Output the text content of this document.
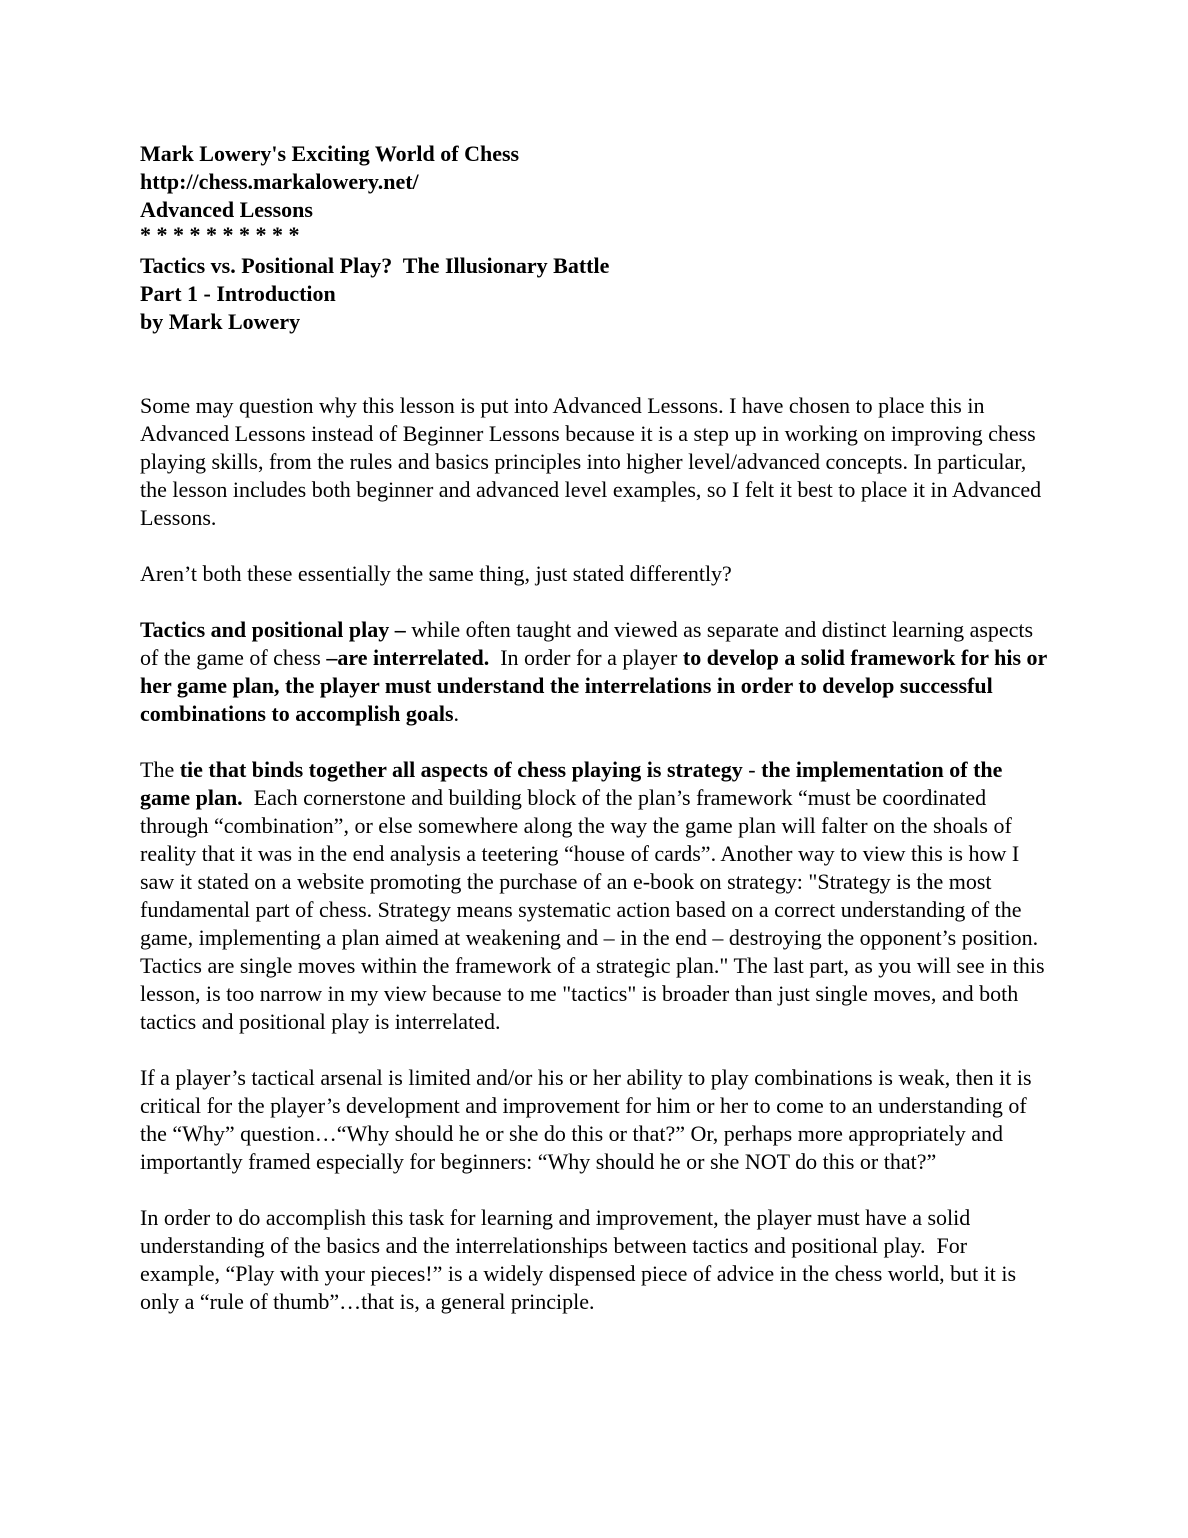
Mark Lowery's Exciting World of Chess
http://chess.markalowery.net/
Advanced Lessons
* * * * * * * * * *
Tactics vs. Positional Play?  The Illusionary Battle
Part 1 - Introduction
by Mark Lowery

Some may question why this lesson is put into Advanced Lessons. I have chosen to place this in Advanced Lessons instead of Beginner Lessons because it is a step up in working on improving chess playing skills, from the rules and basics principles into higher level/advanced concepts. In particular, the lesson includes both beginner and advanced level examples, so I felt it best to place it in Advanced Lessons.

Aren’t both these essentially the same thing, just stated differently?

Tactics and positional play – while often taught and viewed as separate and distinct learning aspects of the game of chess –are interrelated.  In order for a player to develop a solid framework for his or her game plan, the player must understand the interrelations in order to develop successful combinations to accomplish goals.

The tie that binds together all aspects of chess playing is strategy - the implementation of the game plan.  Each cornerstone and building block of the plan’s framework “must be coordinated through “combination”, or else somewhere along the way the game plan will falter on the shoals of reality that it was in the end analysis a teetering “house of cards”. Another way to view this is how I saw it stated on a website promoting the purchase of an e-book on strategy: "Strategy is the most fundamental part of chess. Strategy means systematic action based on a correct understanding of the game, implementing a plan aimed at weakening and – in the end – destroying the opponent’s position. Tactics are single moves within the framework of a strategic plan." The last part, as you will see in this lesson, is too narrow in my view because to me "tactics" is broader than just single moves, and both tactics and positional play is interrelated.

If a player’s tactical arsenal is limited and/or his or her ability to play combinations is weak, then it is critical for the player’s development and improvement for him or her to come to an understanding of the “Why” question…“Why should he or she do this or that?” Or, perhaps more appropriately and importantly framed especially for beginners: “Why should he or she NOT do this or that?”

In order to do accomplish this task for learning and improvement, the player must have a solid understanding of the basics and the interrelationships between tactics and positional play.  For example, “Play with your pieces!” is a widely dispensed piece of advice in the chess world, but it is only a “rule of thumb”…that is, a general principle.
